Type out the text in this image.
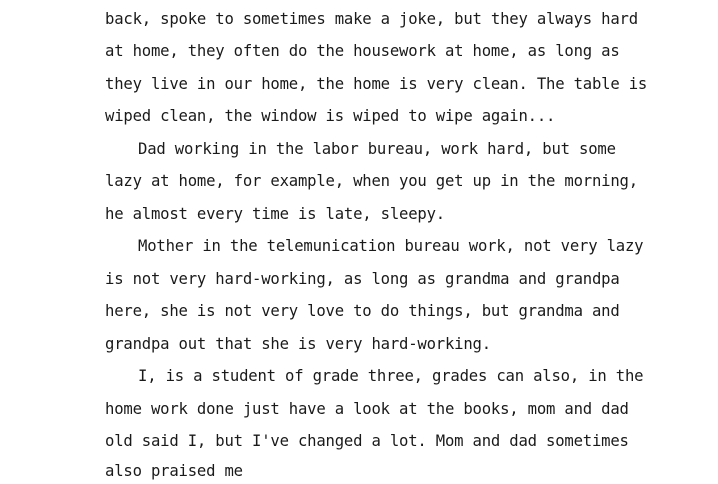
back, spoke to sometimes make a joke, but they always hard
at home, they often do the housework at home, as long as
they live in our home, the home is very clean. The table is
wiped clean, the window is wiped to wipe again...
Dad working in the labor bureau, work hard, but some
lazy at home, for example, when you get up in the morning,
he almost every time is late, sleepy.
Mother in the telemunication bureau work, not very lazy
is not very hard-working, as long as grandma and grandpa
here, she is not very love to do things, but grandma and
grandpa out that she is very hard-working.
I, is a student of grade three, grades can also, in the
home work done just have a look at the books, mom and dad
old said I, but I've changed a lot. Mom and dad sometimes
also praised me
